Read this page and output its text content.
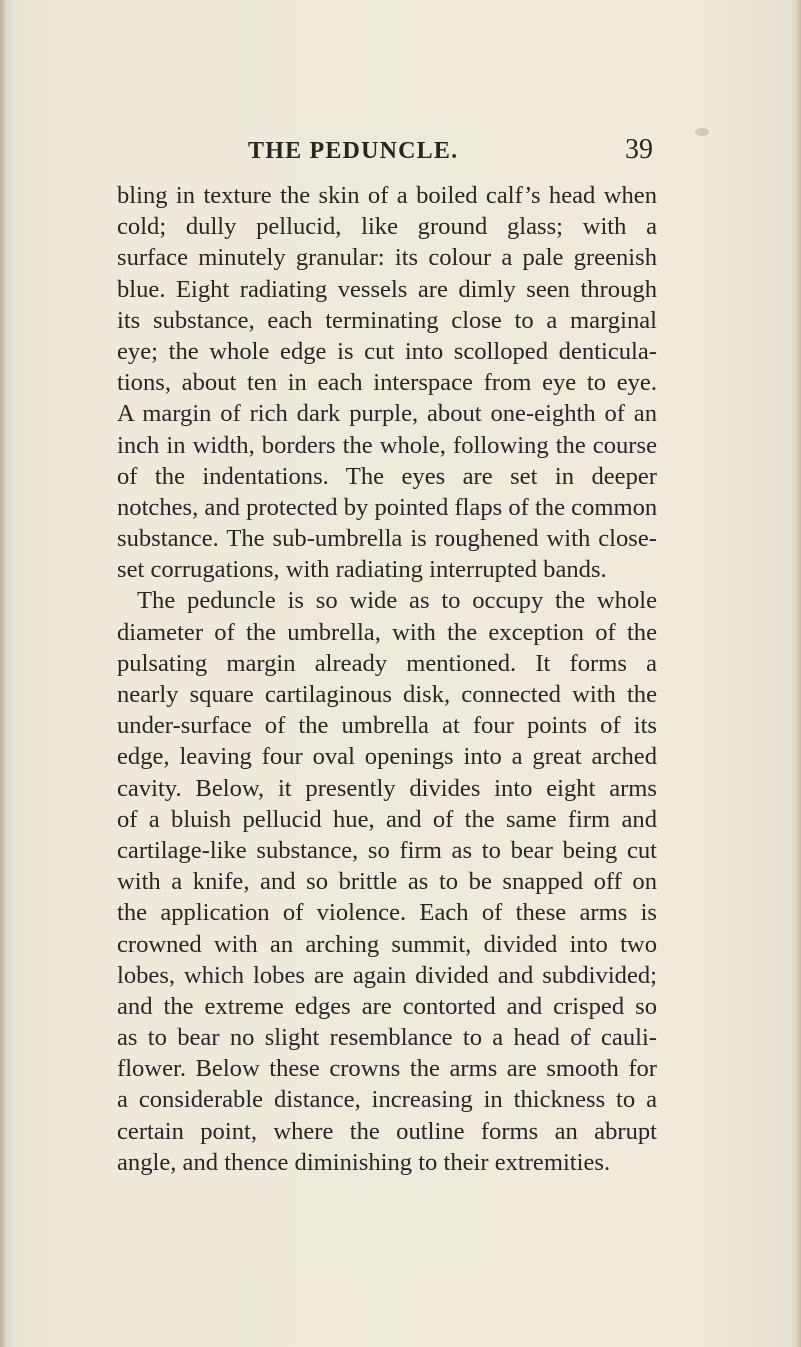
THE PEDUNCLE.	39
bling in texture the skin of a boiled calf’s head when
cold; dully pellucid, like ground glass; with a
surface minutely granular: its colour a pale greenish
blue. Eight radiating vessels are dimly seen through
its substance, each terminating close to a marginal
eye; the whole edge is cut into scolloped denticula-
tions, about ten in each interspace from eye to eye.
A margin of rich dark purple, about one-eighth of an
inch in width, borders the whole, following the course
of the indentations. The eyes are set in deeper
notches, and protected by pointed flaps of the common
substance. The sub-umbrella is roughened with close-
set corrugations, with radiating interrupted bands.
The peduncle is so wide as to occupy the whole
diameter of the umbrella, with the exception of the
pulsating margin already mentioned. It forms a
nearly square cartilaginous disk, connected with the
under-surface of the umbrella at four points of its
edge, leaving four oval openings into a great arched
cavity. Below, it presently divides into eight arms
of a bluish pellucid hue, and of the same firm and
cartilage-like substance, so firm as to bear being cut
with a knife, and so brittle as to be snapped off on
the application of violence. Each of these arms is
crowned with an arching summit, divided into two
lobes, which lobes are again divided and subdivided;
and the extreme edges are contorted and crisped so
as to bear no slight resemblance to a head of cauli-
flower. Below these crowns the arms are smooth for
a considerable distance, increasing in thickness to a
certain point, where the outline forms an abrupt
angle, and thence diminishing to their extremities.
